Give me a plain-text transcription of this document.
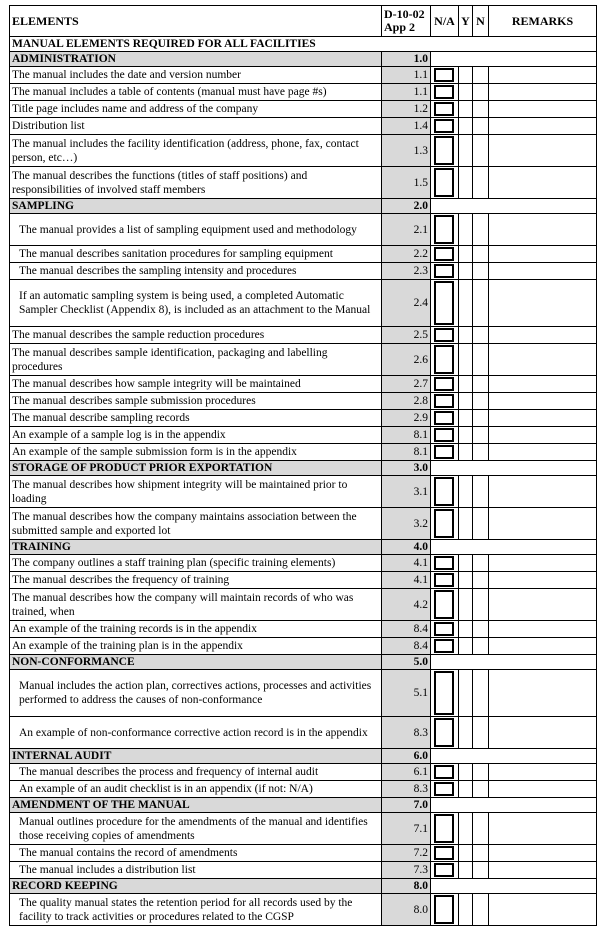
ELEMENTS	D-10-02
App 2	N/A	Y	N	REMARKS
MANUAL ELEMENTS REQUIRED FOR ALL FACILITIES					
ADMINISTRATION	1.0				
The manual includes the date and version number	1.1	

The manual includes a table of contents (manual must have page #s)	1.1	

Title page includes name and address of the company	1.2	

Distribution list	1.4	

The manual includes the facility identification (address, phone, fax, contact person, etc…)	1.3	

The manual describes the functions (titles of staff positions) and responsibilities of involved staff members	1.5	

SAMPLING	2.0				
The manual provides a list of sampling equipment used and methodology	2.1	

The manual describes sanitation procedures for sampling equipment	2.2	

The manual describes the sampling intensity and procedures	2.3	

If an automatic sampling system is being used, a completed Automatic Sampler Checklist (Appendix 8), is included as an attachment to the Manual	2.4	

The manual describes the sample reduction procedures	2.5	

The manual describes sample identification, packaging and labelling procedures	2.6	

The manual describes how sample integrity will be maintained	2.7	

The manual describes sample submission procedures	2.8	

The manual describe sampling records	2.9	

An example of a sample log is in the appendix	8.1	

An example of the sample submission form is in the appendix	8.1	

STORAGE OF PRODUCT PRIOR EXPORTATION	3.0				
The manual describes how shipment integrity will be maintained prior to loading	3.1	

The manual describes how the company maintains association between the submitted sample and exported lot	3.2	

TRAINING	4.0				
The company outlines a staff training plan (specific training elements)	4.1	

The manual describes the frequency of training	4.1	

The manual describes how the company will maintain records of who was trained, when	4.2	

An example of the training records is in the appendix	8.4	

An example of the training plan is in the appendix	8.4	

NON-CONFORMANCE	5.0				
Manual includes the action plan, correctives actions, processes and activities performed to address the causes of non-conformance	5.1	

An example of non-conformance corrective action record is in the appendix	8.3	

INTERNAL AUDIT	6.0				
The manual describes the process and frequency of internal audit	6.1	

An example of an audit checklist is in an appendix (if not: N/A)	8.3	

AMENDMENT OF THE MANUAL	7.0				
Manual outlines procedure for the amendments of the manual and identifies those receiving copies of amendments	7.1	

The manual contains the record of amendments	7.2	

The manual includes a distribution list	7.3	

RECORD KEEPING	8.0				
The quality manual states the retention period for all records used by the facility to track activities or procedures related to the CGSP	8.0	
